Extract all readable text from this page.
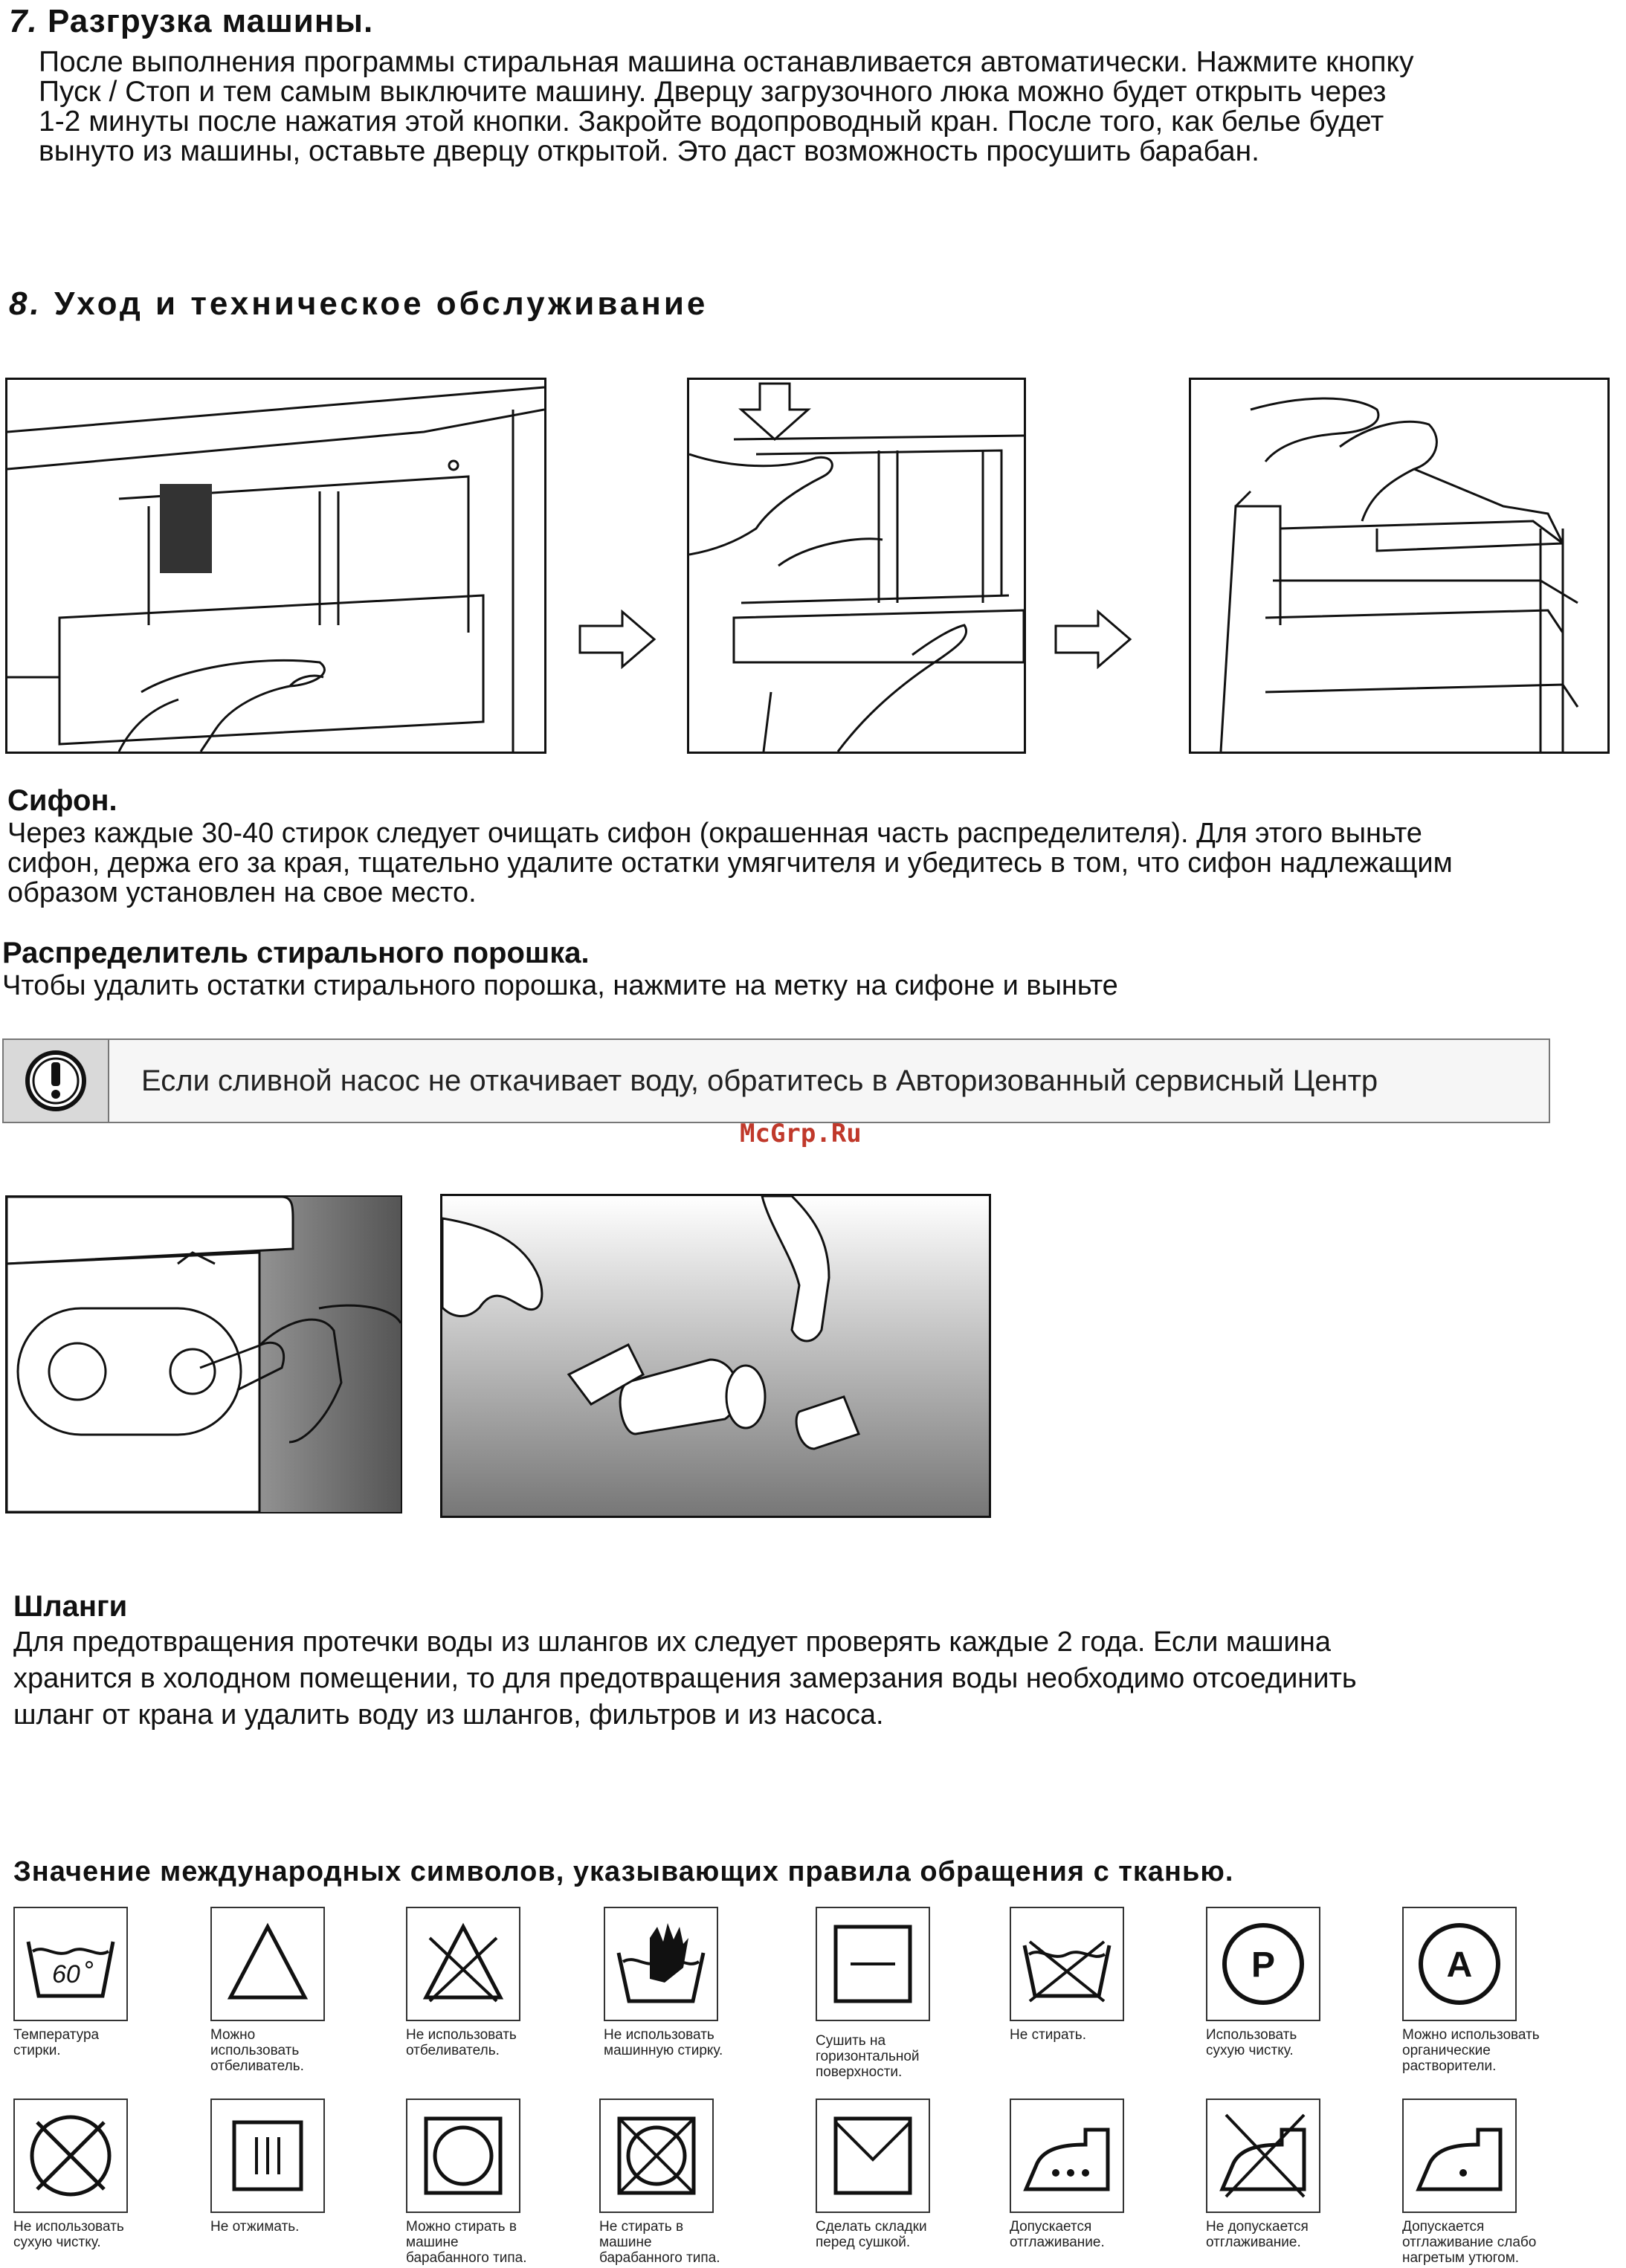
7. Разгрузка машины.

После выполнения программы стиральная машина останавливается автоматически. Нажмите кнопку

Пуск / Стоп и тем самым выключите машину. Дверцу загрузочного люка можно будет открыть через

1-2 минуты после нажатия этой кнопки. Закройте водопроводный кран. После того, как белье будет

вынуто из машины, оставьте дверцу открытой. Это даст возможность просушить барабан.

8. Уход и техническое обслуживание
Сифон.

Через каждые 30-40 стирок следует очищать сифон (окрашенная часть распределителя). Для этого выньте

сифон, держа его за края, тщательно удалите остатки умягчителя и убедитесь в том, что сифон надлежащим

образом установлен на свое место.

Распределитель стирального порошка.

Чтобы удалить остатки стирального порошка, нажмите на метку на сифоне и выньте

Если сливной насос не откачивает воду, обратитесь в Авторизованный сервисный Центр
McGrp.Ru
Шланги

Для предотвращения протечки воды из шлангов их следует проверять каждые 2 года. Если машина

хранится в холодном помещении, то для предотвращения замерзания воды необходимо отсоединить

шланг от крана и удалить воду из шлангов, фильтров и из насоса.

Значение международных символов, указывающих правила обращения с тканью.
60
Температура
стирки.
Можно
использовать
отбеливатель.
Не использовать
отбеливатель.
Не использовать
машинную стирку.
Сушить на
горизонтальной
поверхности.
Не стирать.
P
Использовать
сухую чистку.
A
Можно использовать
органические
растворители.
Не использовать
сухую чистку.
Не отжимать.	Можно стирать в
машине
барабанного типа.
Не стирать в
машине
барабанного типа.
Сделать складки
перед сушкой.
Допускается
отглаживание.
Не допускается
отглаживание.
Допускается
отглаживание слабо
нагретым утюгом.
